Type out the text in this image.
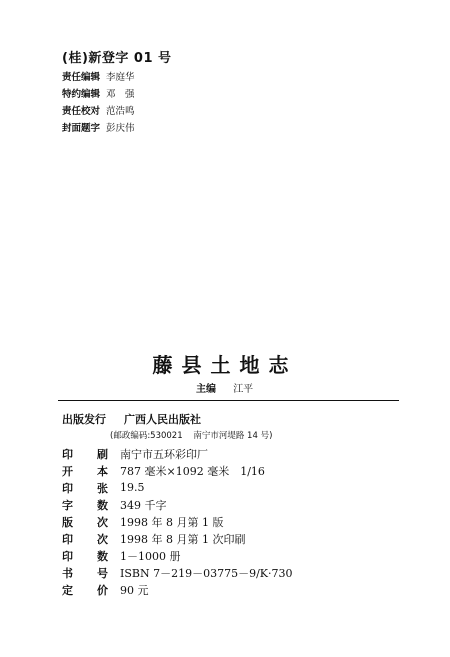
(桂)新登字 01 号
责任编辑 李庭华
特约编辑 邓　强
责任校对 范浩鸣
封面题字 彭庆伟
藤县土地志
主编 江平
出版发行 广西人民出版社
(邮政编码:530021 南宁市河堤路 14 号)
印 刷 南宁市五环彩印厂
开 本 787 毫米×1092 毫米　1/16
印 张 19.5
字 数 349 千字
版 次 1998 年 8 月第 1 版
印 次 1998 年 8 月第 1 次印刷
印 数 1－1000 册
书 号 ISBN 7－219－03775－9/K·730
定 价 90 元
